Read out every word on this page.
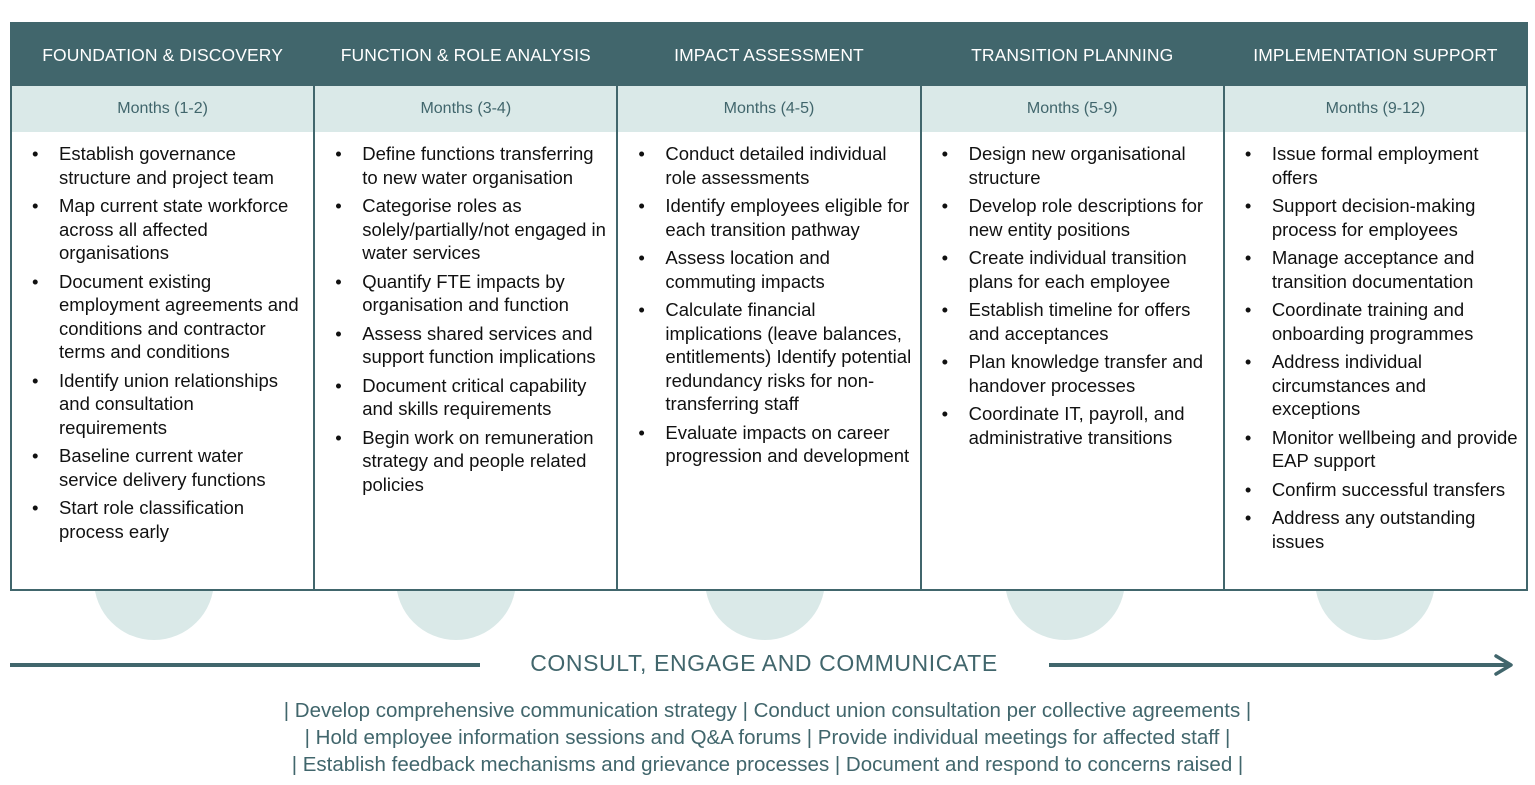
FOUNDATION & DISCOVERY
Months (1-2)
• Establish governance structure and project team
• Map current state workforce across all affected organisations
• Document existing employment agreements and conditions and contractor terms and conditions
• Identify union relationships and consultation requirements
• Baseline current water service delivery functions
• Start role classification process early
FUNCTION & ROLE ANALYSIS
Months (3-4)
• Define functions transferring to new water organisation
• Categorise roles as solely/partially/not engaged in water services
• Quantify FTE impacts by organisation and function
• Assess shared services and support function implications
• Document critical capability and skills requirements
• Begin work on remuneration strategy and people related policies
IMPACT ASSESSMENT
Months (4-5)
• Conduct detailed individual role assessments
• Identify employees eligible for each transition pathway
• Assess location and commuting impacts
• Calculate financial implications (leave balances, entitlements) Identify potential redundancy risks for non-transferring staff
• Evaluate impacts on career progression and development
TRANSITION PLANNING
Months (5-9)
• Design new organisational structure
• Develop role descriptions for new entity positions
• Create individual transition plans for each employee
• Establish timeline for offers and acceptances
• Plan knowledge transfer and handover processes
• Coordinate IT, payroll, and administrative transitions
IMPLEMENTATION SUPPORT
Months (9-12)
• Issue formal employment offers
• Support decision-making process for employees
• Manage acceptance and transition documentation
• Coordinate training and onboarding programmes
• Address individual circumstances and exceptions
• Monitor wellbeing and provide EAP support
• Confirm successful transfers
• Address any outstanding issues
CONSULT, ENGAGE AND COMMUNICATE
| Develop comprehensive communication strategy | Conduct union consultation per collective agreements |
| Hold employee information sessions and Q&A forums | Provide individual meetings for affected staff |
| Establish feedback mechanisms and grievance processes | Document and respond to concerns raised |
